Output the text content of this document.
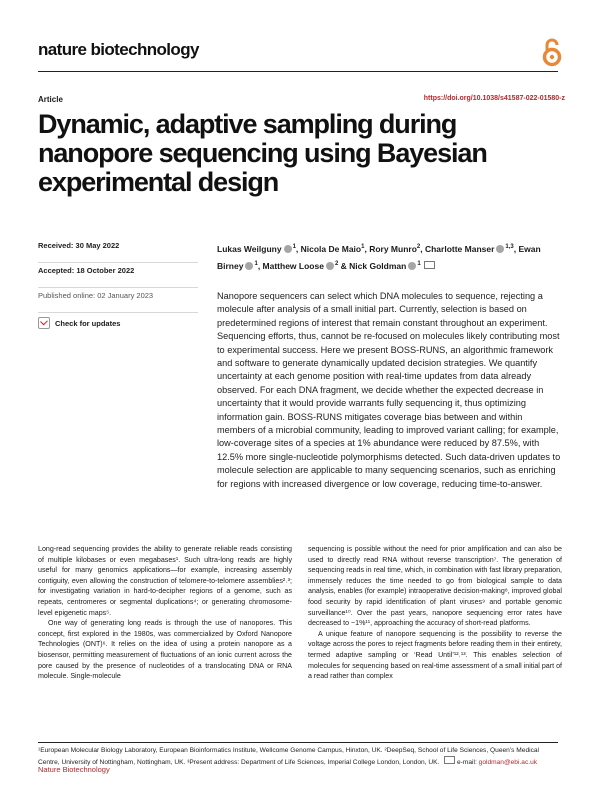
nature biotechnology
Article	https://doi.org/10.1038/s41587-022-01580-z
Dynamic, adaptive sampling during nanopore sequencing using Bayesian experimental design
Received: 30 May 2022
Accepted: 18 October 2022
Published online: 02 January 2023
Check for updates
Lukas Weilguny $^1$, Nicola De Maio$^1$, Rory Munro$^2$, Charlotte Manser $^{1,3}$, Ewan Birney $^1$, Matthew Loose $^2$ & Nick Goldman $^1$

Nanopore sequencers can select which DNA molecules to sequence, rejecting a molecule after analysis of a small initial part. Currently, selection is based on predetermined regions of interest that remain constant throughout an experiment. Sequencing efforts, thus, cannot be re-focused on molecules likely contributing most to experimental success. Here we present BOSS-RUNS, an algorithmic framework and software to generate dynamically updated decision strategies. We quantify uncertainty at each genome position with real-time updates from data already observed. For each DNA fragment, we decide whether the expected decrease in uncertainty that it would provide warrants fully sequencing it, thus optimizing information gain. BOSS-RUNS mitigates coverage bias between and within members of a microbial community, leading to improved variant calling; for example, low-coverage sites of a species at 1% abundance were reduced by 87.5%, with 12.5% more single-nucleotide polymorphisms detected. Such data-driven updates to molecule selection are applicable to many sequencing scenarios, such as enriching for regions with increased divergence or low coverage, reducing time-to-answer.

Long-read sequencing provides the ability to generate reliable reads consisting of multiple kilobases or even megabases¹. Such ultra-long reads are highly useful for many genomics applications—for example, increasing assembly contiguity, even allowing the construction of telomere-to-telomere assemblies²˒³; for investigating variation in hard-to-decipher regions of a genome, such as repeats, centromeres or segmental duplications⁴; or generating chromosome-level epigenetic maps⁵.

One way of generating long reads is through the use of nanopores. This concept, first explored in the 1980s, was commercialized by Oxford Nanopore Technologies (ONT)⁶. It relies on the idea of using a protein nanopore as a biosensor, permitting measurement of fluctuations of an ionic current across the pore caused by the presence of nucleotides of a translocating DNA or RNA molecule. Single-molecule

sequencing is possible without the need for prior amplification and can also be used to directly read RNA without reverse transcription⁷. The generation of sequencing reads in real time, which, in combination with fast library preparation, immensely reduces the time needed to go from biological sample to data analysis, enables (for example) intraoperative decision-making⁸, improved global food security by rapid identification of plant viruses⁹ and portable genomic surveillance¹⁰. Over the past years, nanopore sequencing error rates have decreased to ~1%¹¹, approaching the accuracy of short-read platforms.

A unique feature of nanopore sequencing is the possibility to reverse the voltage across the pores to reject fragments before reading them in their entirety, termed adaptive sampling or ‘Read Until’¹²˒¹³. This enables selection of molecules for sequencing based on real-time assessment of a small initial part of a read rather than complex

¹European Molecular Biology Laboratory, European Bioinformatics Institute, Wellcome Genome Campus, Hinxton, UK. ²DeepSeq, School of Life Sciences, Queen’s Medical Centre, University of Nottingham, Nottingham, UK. ³Present address: Department of Life Sciences, Imperial College London, London, UK.	e-mail: goldman@ebi.ac.uk
Nature Biotechnology
